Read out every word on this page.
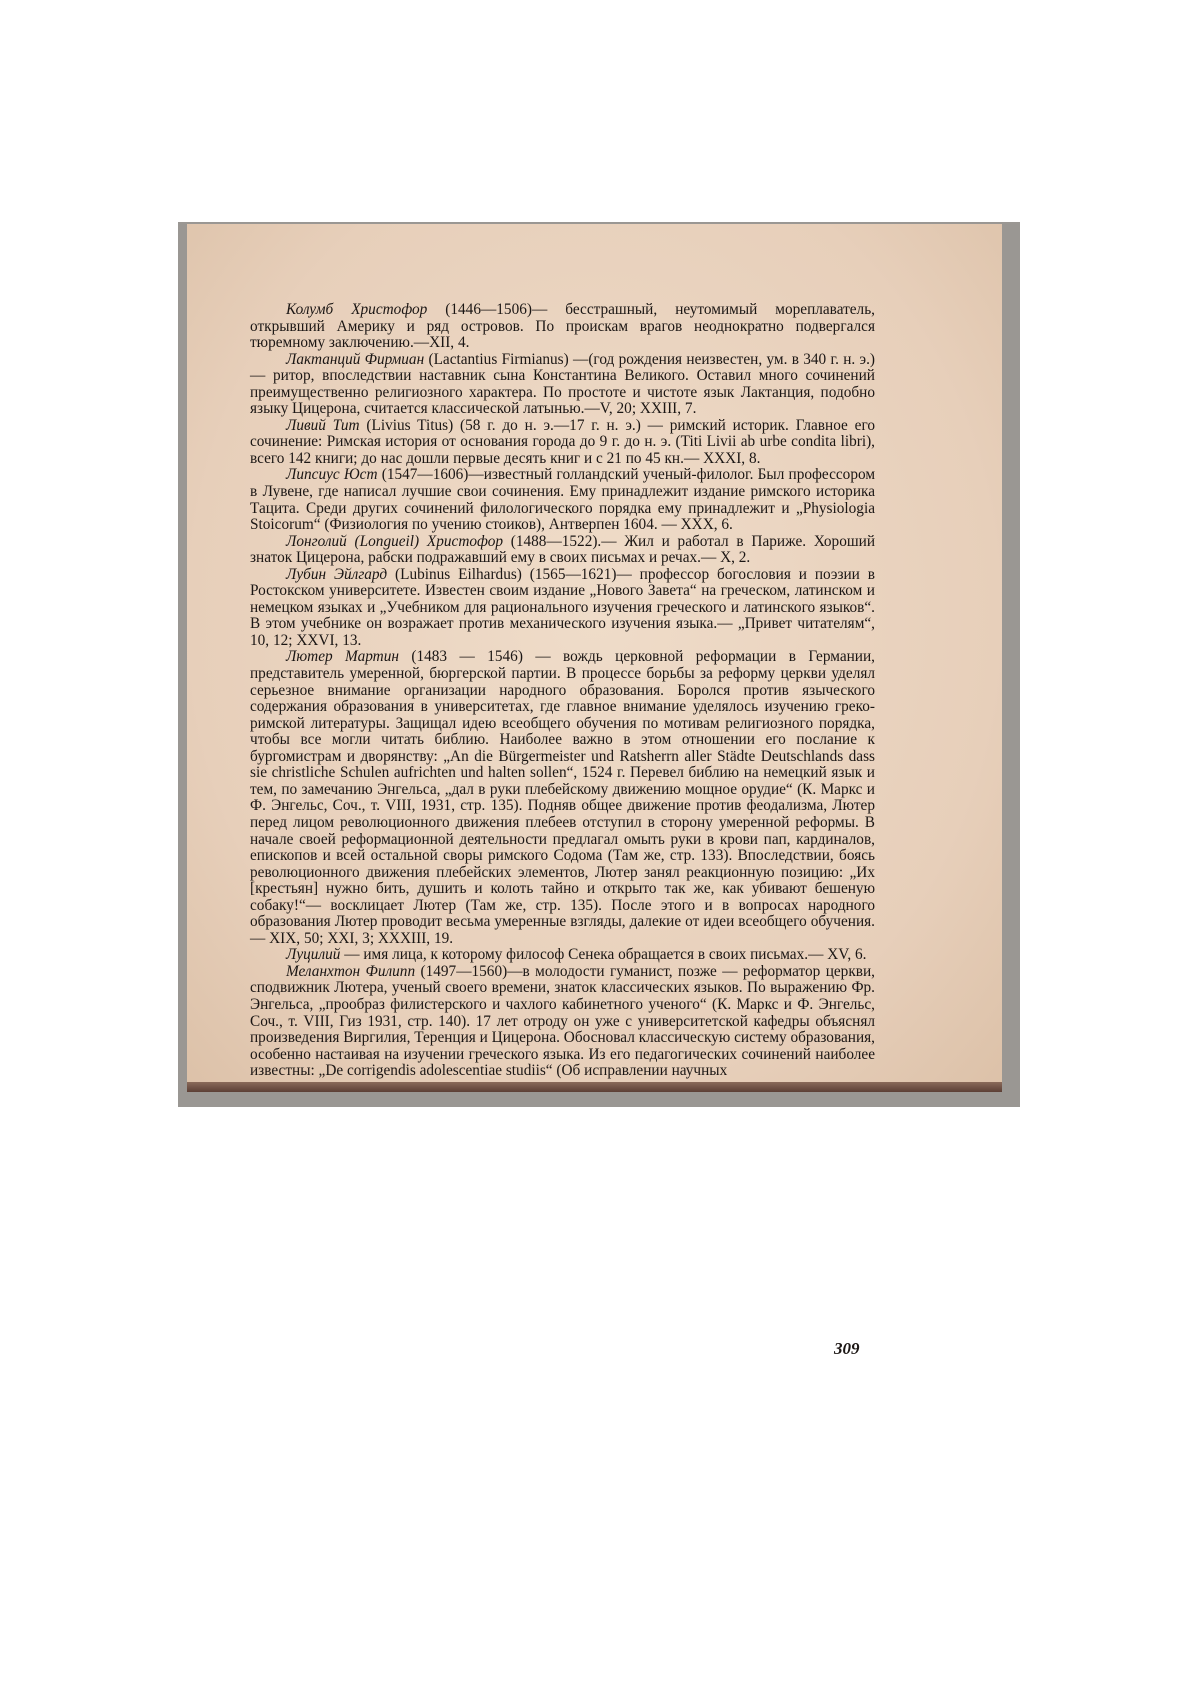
Колумб Христофор (1446—1506)— бесстрашный, неутомимый мореплаватель, открывший Америку и ряд островов. По проискам врагов неоднократно подвергался тюремному заключению.—XII, 4.

Лактанций Фирмиан (Lactantius Firmianus) —(год рождения неизвестен, ум. в 340 г. н. э.) — ритор, впоследствии наставник сына Константина Великого. Оставил много сочинений преимущественно религиозного характера. По простоте и чистоте язык Лактанция, подобно языку Цицерона, считается классической латынью.—V, 20; XXIII, 7.

Ливий Тит (Livius Titus) (58 г. до н. э.—17 г. н. э.) — римский историк. Главное его сочинение: Римская история от основания города до 9 г. до н. э. (Titi Livii ab urbe condita libri), всего 142 книги; до нас дошли первые десять книг и с 21 по 45 кн.— XXXI, 8.

Липсиус Юст (1547—1606)—известный голландский ученый-филолог. Был профессором в Лувене, где написал лучшие свои сочинения. Ему принадлежит издание римского историка Тацита. Среди других сочинений филологического порядка ему принадлежит и „Physiologia Stoicorum“ (Физиология по учению стоиков), Антверпен 1604. — XXX, 6.

Лонголий (Longueil) Христофор (1488—1522).— Жил и работал в Париже. Хороший знаток Цицерона, рабски подражавший ему в своих письмах и речах.— X, 2.

Лубин Эйлгард (Lubinus Eilhardus) (1565—1621)— профессор богословия и поэзии в Ростокском университете. Известен своим издание „Нового Завета“ на греческом, латинском и немецком языках и „Учебником для рационального изучения греческого и латинского языков“. В этом учебнике он возражает против механического изучения языка.— „Привет читателям“, 10, 12; XXVI, 13.

Лютер Мартин (1483 — 1546) — вождь церковной реформации в Германии, представитель умеренной, бюргерской партии. В процессе борьбы за реформу церкви уделял серьезное внимание организации народного образования. Боролся против языческого содержания образования в университетах, где главное внимание уделялось изучению греко-римской литературы. Защищал идею всеобщего обучения по мотивам религиозного порядка, чтобы все могли читать библию. Наиболее важно в этом отношении его послание к бургомистрам и дворянству: „An die Bürgermeister und Ratsherrn aller Städte Deutschlands dass sie christliche Schulen aufrichten und halten sollen“, 1524 г. Перевел библию на немецкий язык и тем, по замечанию Энгельса, „дал в руки плебейскому движению мощное орудие“ (К. Маркс и Ф. Энгельс, Соч., т. VIII, 1931, стр. 135). Подняв общее движение против феодализма, Лютер перед лицом революционного движения плебеев отступил в сторону умеренной реформы. В начале своей реформационной деятельности предлагал омыть руки в крови пап, кардиналов, епископов и всей остальной своры римского Содома (Там же, стр. 133). Впоследствии, боясь революционного движения плебейских элементов, Лютер занял реакционную позицию: „Их [крестьян] нужно бить, душить и колоть тайно и открыто так же, как убивают бешеную собаку!“— восклицает Лютер (Там же, стр. 135). После этого и в вопросах народного образования Лютер проводит весьма умеренные взгляды, далекие от идеи всеобщего обучения.— XIX, 50; XXI, 3; XXXIII, 19.

Луцилий — имя лица, к которому философ Сенека обращается в своих письмах.— XV, 6.

Меланхтон Филипп (1497—1560)—в молодости гуманист, позже — реформатор церкви, сподвижник Лютера, ученый своего времени, знаток классических языков. По выражению Фр. Энгельса, „прообраз филистерского и чахлого кабинетного ученого“ (К. Маркс и Ф. Энгельс, Соч., т. VIII, Гиз 1931, стр. 140). 17 лет отроду он уже с университетской кафедры объяснял произведения Виргилия, Теренция и Цицерона. Обосновал классическую систему образования, особенно настаивая на изучении греческого языка. Из его педагогических сочинений наиболее известны: „De corrigendis adolescentiae studiis“ (Об исправлении научных

309
